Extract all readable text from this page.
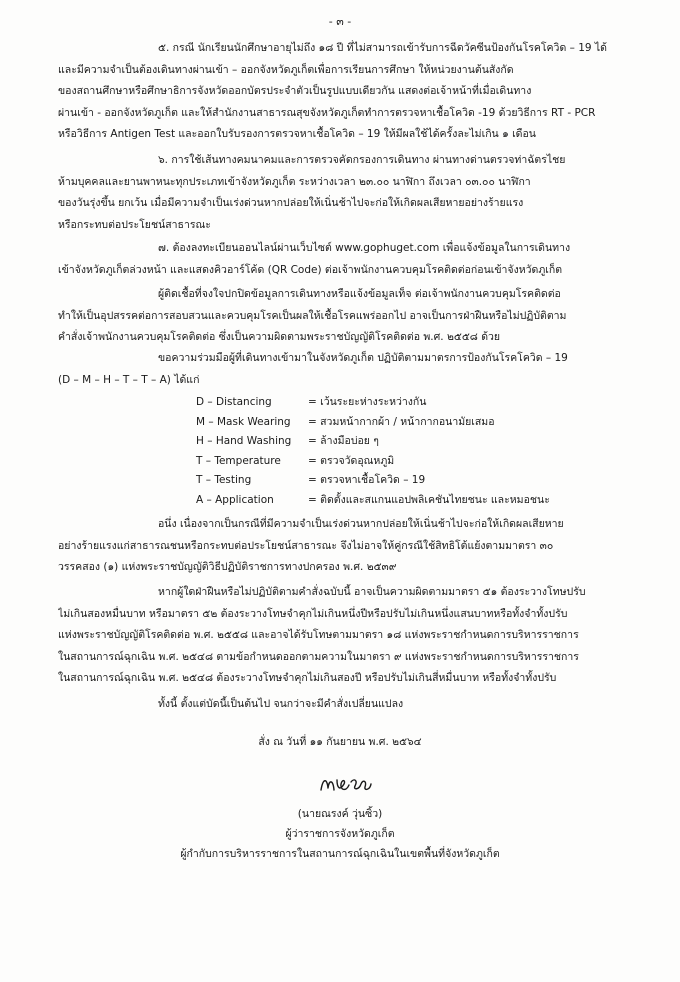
- ๓ -
๕. กรณี นักเรียนนักศึกษาอายุไม่ถึง ๑๘ ปี ที่ไม่สามารถเข้ารับการฉีดวัคซีนป้องกันโรคโควิด – 19 ได้
และมีความจำเป็นต้องเดินทางผ่านเข้า – ออกจังหวัดภูเก็ตเพื่อการเรียนการศึกษา ให้หน่วยงานต้นสังกัด
ของสถานศึกษาหรือศึกษาธิการจังหวัดออกบัตรประจำตัวเป็นรูปแบบเดียวกัน แสดงต่อเจ้าหน้าที่เมื่อเดินทาง
ผ่านเข้า - ออกจังหวัดภูเก็ต และให้สำนักงานสาธารณสุขจังหวัดภูเก็ตทำการตรวจหาเชื้อโควิด -19 ด้วยวิธีการ RT - PCR
หรือวิธีการ Antigen Test และออกใบรับรองการตรวจหาเชื้อโควิด – 19 ให้มีผลใช้ได้ครั้งละไม่เกิน ๑ เดือน
๖. การใช้เส้นทางคมนาคมและการตรวจคัดกรองการเดินทาง ผ่านทางด่านตรวจท่าฉัตรไชย
ห้ามบุคคลและยานพาหนะทุกประเภทเข้าจังหวัดภูเก็ต ระหว่างเวลา ๒๓.๐๐ นาฬิกา ถึงเวลา ๐๓.๐๐ นาฬิกา
ของวันรุ่งขึ้น ยกเว้น เมื่อมีความจำเป็นเร่งด่วนหากปล่อยให้เนิ่นช้าไปจะก่อให้เกิดผลเสียหายอย่างร้ายแรง
หรือกระทบต่อประโยชน์สาธารณะ
๗. ต้องลงทะเบียนออนไลน์ผ่านเว็บไซต์ www.gophuget.com เพื่อแจ้งข้อมูลในการเดินทาง
เข้าจังหวัดภูเก็ตล่วงหน้า และแสดงคิวอาร์โค้ด (QR Code) ต่อเจ้าพนักงานควบคุมโรคติดต่อก่อนเข้าจังหวัดภูเก็ต
ผู้ติดเชื้อที่จงใจปกปิดข้อมูลการเดินทางหรือแจ้งข้อมูลเท็จ ต่อเจ้าพนักงานควบคุมโรคติดต่อ
ทำให้เป็นอุปสรรคต่อการสอบสวนและควบคุมโรคเป็นผลให้เชื้อโรคแพร่ออกไป อาจเป็นการฝ่าฝืนหรือไม่ปฏิบัติตาม
คำสั่งเจ้าพนักงานควบคุมโรคติดต่อ ซึ่งเป็นความผิดตามพระราชบัญญัติโรคติดต่อ พ.ศ. ๒๕๕๘ ด้วย
ขอความร่วมมือผู้ที่เดินทางเข้ามาในจังหวัดภูเก็ต ปฏิบัติตามมาตรการป้องกันโรคโควิด – 19
(D – M – H – T – T – A) ได้แก่
D – Distancing	= เว้นระยะห่างระหว่างกัน
M – Mask Wearing	= สวมหน้ากากผ้า / หน้ากากอนามัยเสมอ
H – Hand Washing	= ล้างมือบ่อย ๆ
T – Temperature	= ตรวจวัดอุณหภูมิ
T – Testing	= ตรวจหาเชื้อโควิด – 19
A – Application	= ติดตั้งและสแกนแอปพลิเคชันไทยชนะ และหมอชนะ
อนึ่ง เนื่องจากเป็นกรณีที่มีความจำเป็นเร่งด่วนหากปล่อยให้เนิ่นช้าไปจะก่อให้เกิดผลเสียหาย
อย่างร้ายแรงแก่สาธารณชนหรือกระทบต่อประโยชน์สาธารณะ จึงไม่อาจให้คู่กรณีใช้สิทธิโต้แย้งตามมาตรา ๓๐
วรรคสอง (๑) แห่งพระราชบัญญัติวิธีปฏิบัติราชการทางปกครอง พ.ศ. ๒๕๓๙
หากผู้ใดฝ่าฝืนหรือไม่ปฏิบัติตามคำสั่งฉบับนี้ อาจเป็นความผิดตามมาตรา ๕๑ ต้องระวางโทษปรับ
ไม่เกินสองหมื่นบาท หรือมาตรา ๕๒ ต้องระวางโทษจำคุกไม่เกินหนึ่งปีหรือปรับไม่เกินหนึ่งแสนบาทหรือทั้งจำทั้งปรับ
แห่งพระราชบัญญัติโรคติดต่อ พ.ศ. ๒๕๕๘ และอาจได้รับโทษตามมาตรา ๑๘ แห่งพระราชกำหนดการบริหารราชการ
ในสถานการณ์ฉุกเฉิน พ.ศ. ๒๕๔๘ ตามข้อกำหนดออกตามความในมาตรา ๙ แห่งพระราชกำหนดการบริหารราชการ
ในสถานการณ์ฉุกเฉิน พ.ศ. ๒๕๔๘ ต้องระวางโทษจำคุกไม่เกินสองปี หรือปรับไม่เกินสี่หมื่นบาท หรือทั้งจำทั้งปรับ
ทั้งนี้ ตั้งแต่บัดนี้เป็นต้นไป จนกว่าจะมีคำสั่งเปลี่ยนแปลง
สั่ง ณ วันที่ ๑๑ กันยายน พ.ศ. ๒๕๖๔
(นายณรงค์ วุ่นซิ้ว)
ผู้ว่าราชการจังหวัดภูเก็ต
ผู้กำกับการบริหารราชการในสถานการณ์ฉุกเฉินในเขตพื้นที่จังหวัดภูเก็ต
